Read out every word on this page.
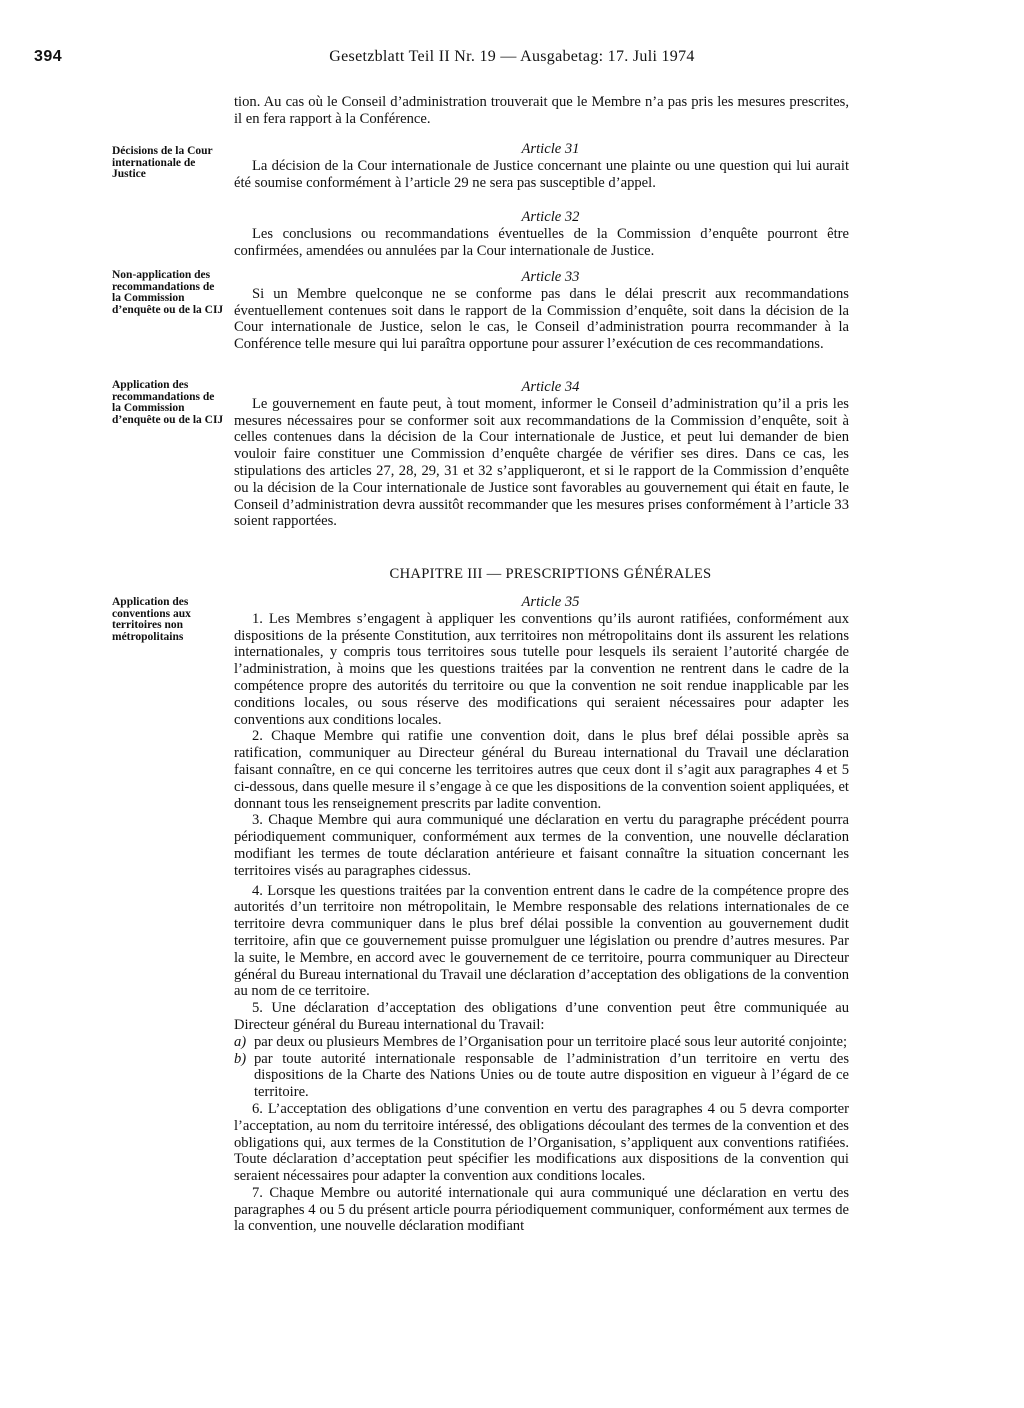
394	Gesetzblatt Teil II Nr. 19 — Ausgabetag: 17. Juli 1974
Décisions de la Cour internationale de Justice
Non-application des recommandations de la Commission d’enquête ou de la CIJ
Application des recommandations de la Commission d’enquête ou de la CIJ
Application des conventions aux territoires non métropolitains

tion. Au cas où le Conseil d’administration trouverait que le Membre n’a pas pris les mesures prescrites, il en fera rapport à la Conférence.

Article 31

La décision de la Cour internationale de Justice concernant une plainte ou une question qui lui aurait été soumise conformément à l’article 29 ne sera pas susceptible d’appel.

Article 32

Les conclusions ou recommandations éventuelles de la Commission d’enquête pourront être confirmées, amendées ou annulées par la Cour internationale de Justice.

Article 33

Si un Membre quelconque ne se conforme pas dans le délai prescrit aux recommandations éventuellement contenues soit dans le rapport de la Commission d’enquête, soit dans la décision de la Cour internationale de Justice, selon le cas, le Conseil d’administration pourra recommander à la Conférence telle mesure qui lui paraîtra opportune pour assurer l’exécution de ces recommandations.

Article 34

Le gouvernement en faute peut, à tout moment, informer le Conseil d’administration qu’il a pris les mesures nécessaires pour se conformer soit aux recommandations de la Commission d’enquête, soit à celles contenues dans la décision de la Cour internationale de Justice, et peut lui demander de bien vouloir faire constituer une Commission d’enquête chargée de vérifier ses dires. Dans ce cas, les stipulations des articles 27, 28, 29, 31 et 32 s’appliqueront, et si le rapport de la Commission d’enquête ou la décision de la Cour internationale de Justice sont favorables au gouvernement qui était en faute, le Conseil d’administration devra aussitôt recommander que les mesures prises conformément à l’article 33 soient rapportées.

CHAPITRE III — PRESCRIPTIONS GÉNÉRALES

Article 35

1. Les Membres s’engagent à appliquer les conventions qu’ils auront ratifiées, conformément aux dispositions de la présente Constitution, aux territoires non métropolitains dont ils assurent les relations internationales, y compris tous territoires sous tutelle pour lesquels ils seraient l’autorité chargée de l’administration, à moins que les questions traitées par la convention ne rentrent dans le cadre de la compétence propre des autorités du territoire ou que la convention ne soit rendue inapplicable par les conditions locales, ou sous réserve des modifications qui seraient nécessaires pour adapter les conventions aux conditions locales.

2. Chaque Membre qui ratifie une convention doit, dans le plus bref délai possible après sa ratification, communiquer au Directeur général du Bureau international du Travail une déclaration faisant connaître, en ce qui concerne les territoires autres que ceux dont il s’agit aux paragraphes 4 et 5 ci-dessous, dans quelle mesure il s’engage à ce que les dispositions de la convention soient appliquées, et donnant tous les renseignement prescrits par ladite convention.

3. Chaque Membre qui aura communiqué une déclaration en vertu du paragraphe précédent pourra périodiquement communiquer, conformément aux termes de la convention, une nouvelle déclaration modifiant les termes de toute déclaration antérieure et faisant connaître la situation concernant les territoires visés au paragraphes cidessus.

4. Lorsque les questions traitées par la convention entrent dans le cadre de la compétence propre des autorités d’un territoire non métropolitain, le Membre responsable des relations internationales de ce territoire devra communiquer dans le plus bref délai possible la convention au gouvernement dudit territoire, afin que ce gouvernement puisse promulguer une législation ou prendre d’autres mesures. Par la suite, le Membre, en accord avec le gouvernement de ce territoire, pourra communiquer au Directeur général du Bureau international du Travail une déclaration d’acceptation des obligations de la convention au nom de ce territoire.

5. Une déclaration d’acceptation des obligations d’une convention peut être communiquée au Directeur général du Bureau international du Travail:

a) par deux ou plusieurs Membres de l’Organisation pour un territoire placé sous leur autorité conjointe;
b) par toute autorité internationale responsable de l’administration d’un territoire en vertu des dispositions de la Charte des Nations Unies ou de toute autre disposition en vigueur à l’égard de ce territoire.

6. L’acceptation des obligations d’une convention en vertu des paragraphes 4 ou 5 devra comporter l’acceptation, au nom du territoire intéressé, des obligations découlant des termes de la convention et des obligations qui, aux termes de la Constitution de l’Organisation, s’appliquent aux conventions ratifiées. Toute déclaration d’acceptation peut spécifier les modifications aux dispositions de la convention qui seraient nécessaires pour adapter la convention aux conditions locales.

7. Chaque Membre ou autorité internationale qui aura communiqué une déclaration en vertu des paragraphes 4 ou 5 du présent article pourra périodiquement communiquer, conformément aux termes de la convention, une nouvelle déclaration modifiant
